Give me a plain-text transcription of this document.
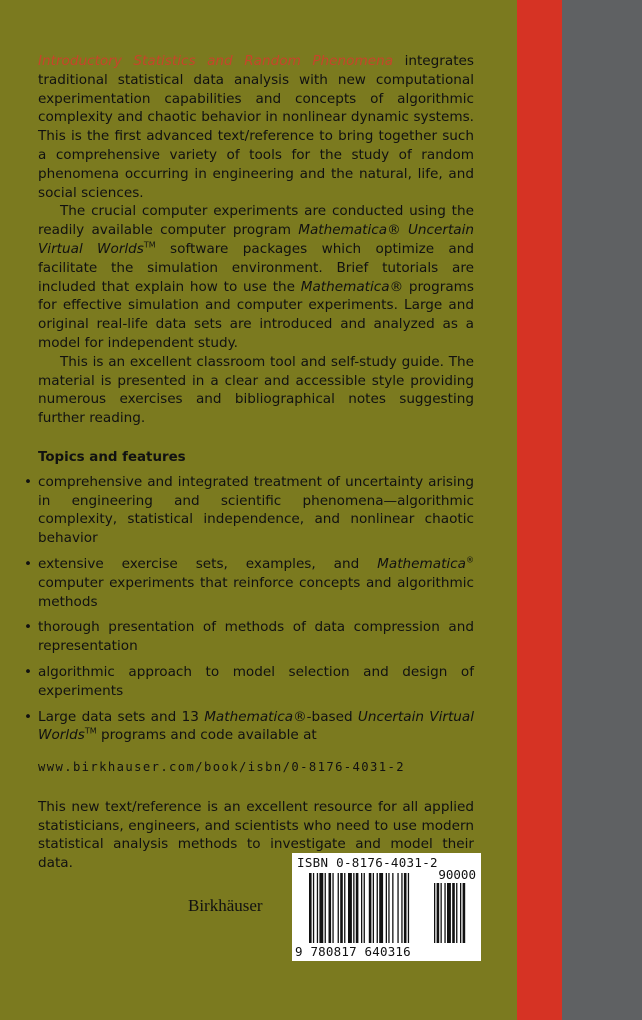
Introductory Statistics and Random Phenomena integrates traditional statistical data analysis with new computational experimentation capabilities and concepts of algorithmic complexity and chaotic behavior in nonlinear dynamic systems. This is the first advanced text/reference to bring together such a comprehensive variety of tools for the study of random phenomena occurring in engineering and the natural, life, and social sciences.

The crucial computer experiments are conducted using the readily available computer program Mathematica® Uncertain Virtual Worlds™ software packages which optimize and facilitate the simulation environment. Brief tutorials are included that explain how to use the Mathematica® programs for effective simulation and computer experiments. Large and original real-life data sets are introduced and analyzed as a model for independent study.

This is an excellent classroom tool and self-study guide. The material is presented in a clear and accessible style providing numerous exercises and bibliographical notes suggesting further reading.

Topics and features

• comprehensive and integrated treatment of uncertainty arising in engineering and scientific phenomena—algorithmic complexity, statistical independence, and nonlinear chaotic behavior
• extensive exercise sets, examples, and Mathematica® computer experiments that reinforce concepts and algorithmic methods
• thorough presentation of methods of data compression and representation
• algorithmic approach to model selection and design of experiments
• Large data sets and 13 Mathematica®-based Uncertain Virtual Worlds™ programs and code available at

www.birkhauser.com/book/isbn/0-8176-4031-2

This new text/reference is an excellent resource for all applied statisticians, engineers, and scientists who need to use modern statistical analysis methods to investigate and model their data.

Birkhäuser
ISBN 0-8176-4031-2
90000
9 780817 640316
